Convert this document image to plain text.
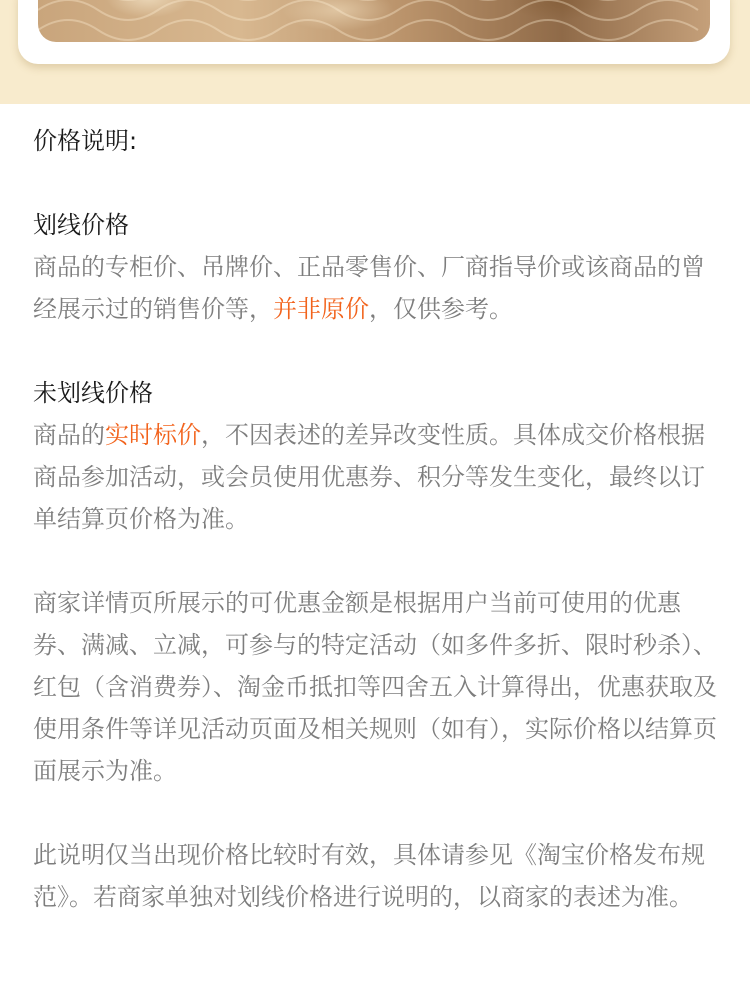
价格说明:
划线价格
商品的专柜价、吊牌价、正品零售价、厂商指导价或该商品的曾经展示过的销售价等，并非原价，仅供参考。
未划线价格
商品的实时标价，不因表述的差异改变性质。具体成交价格根据商品参加活动，或会员使用优惠券、积分等发生变化，最终以订单结算页价格为准。
商家详情页所展示的可优惠金额是根据用户当前可使用的优惠券、满减、立减，可参与的特定活动（如多件多折、限时秒杀）、红包（含消费券）、淘金币抵扣等四舍五入计算得出，优惠获取及使用条件等详见活动页面及相关规则（如有），实际价格以结算页面展示为准。
此说明仅当出现价格比较时有效，具体请参见《淘宝价格发布规范》。若商家单独对划线价格进行说明的，以商家的表述为准。
